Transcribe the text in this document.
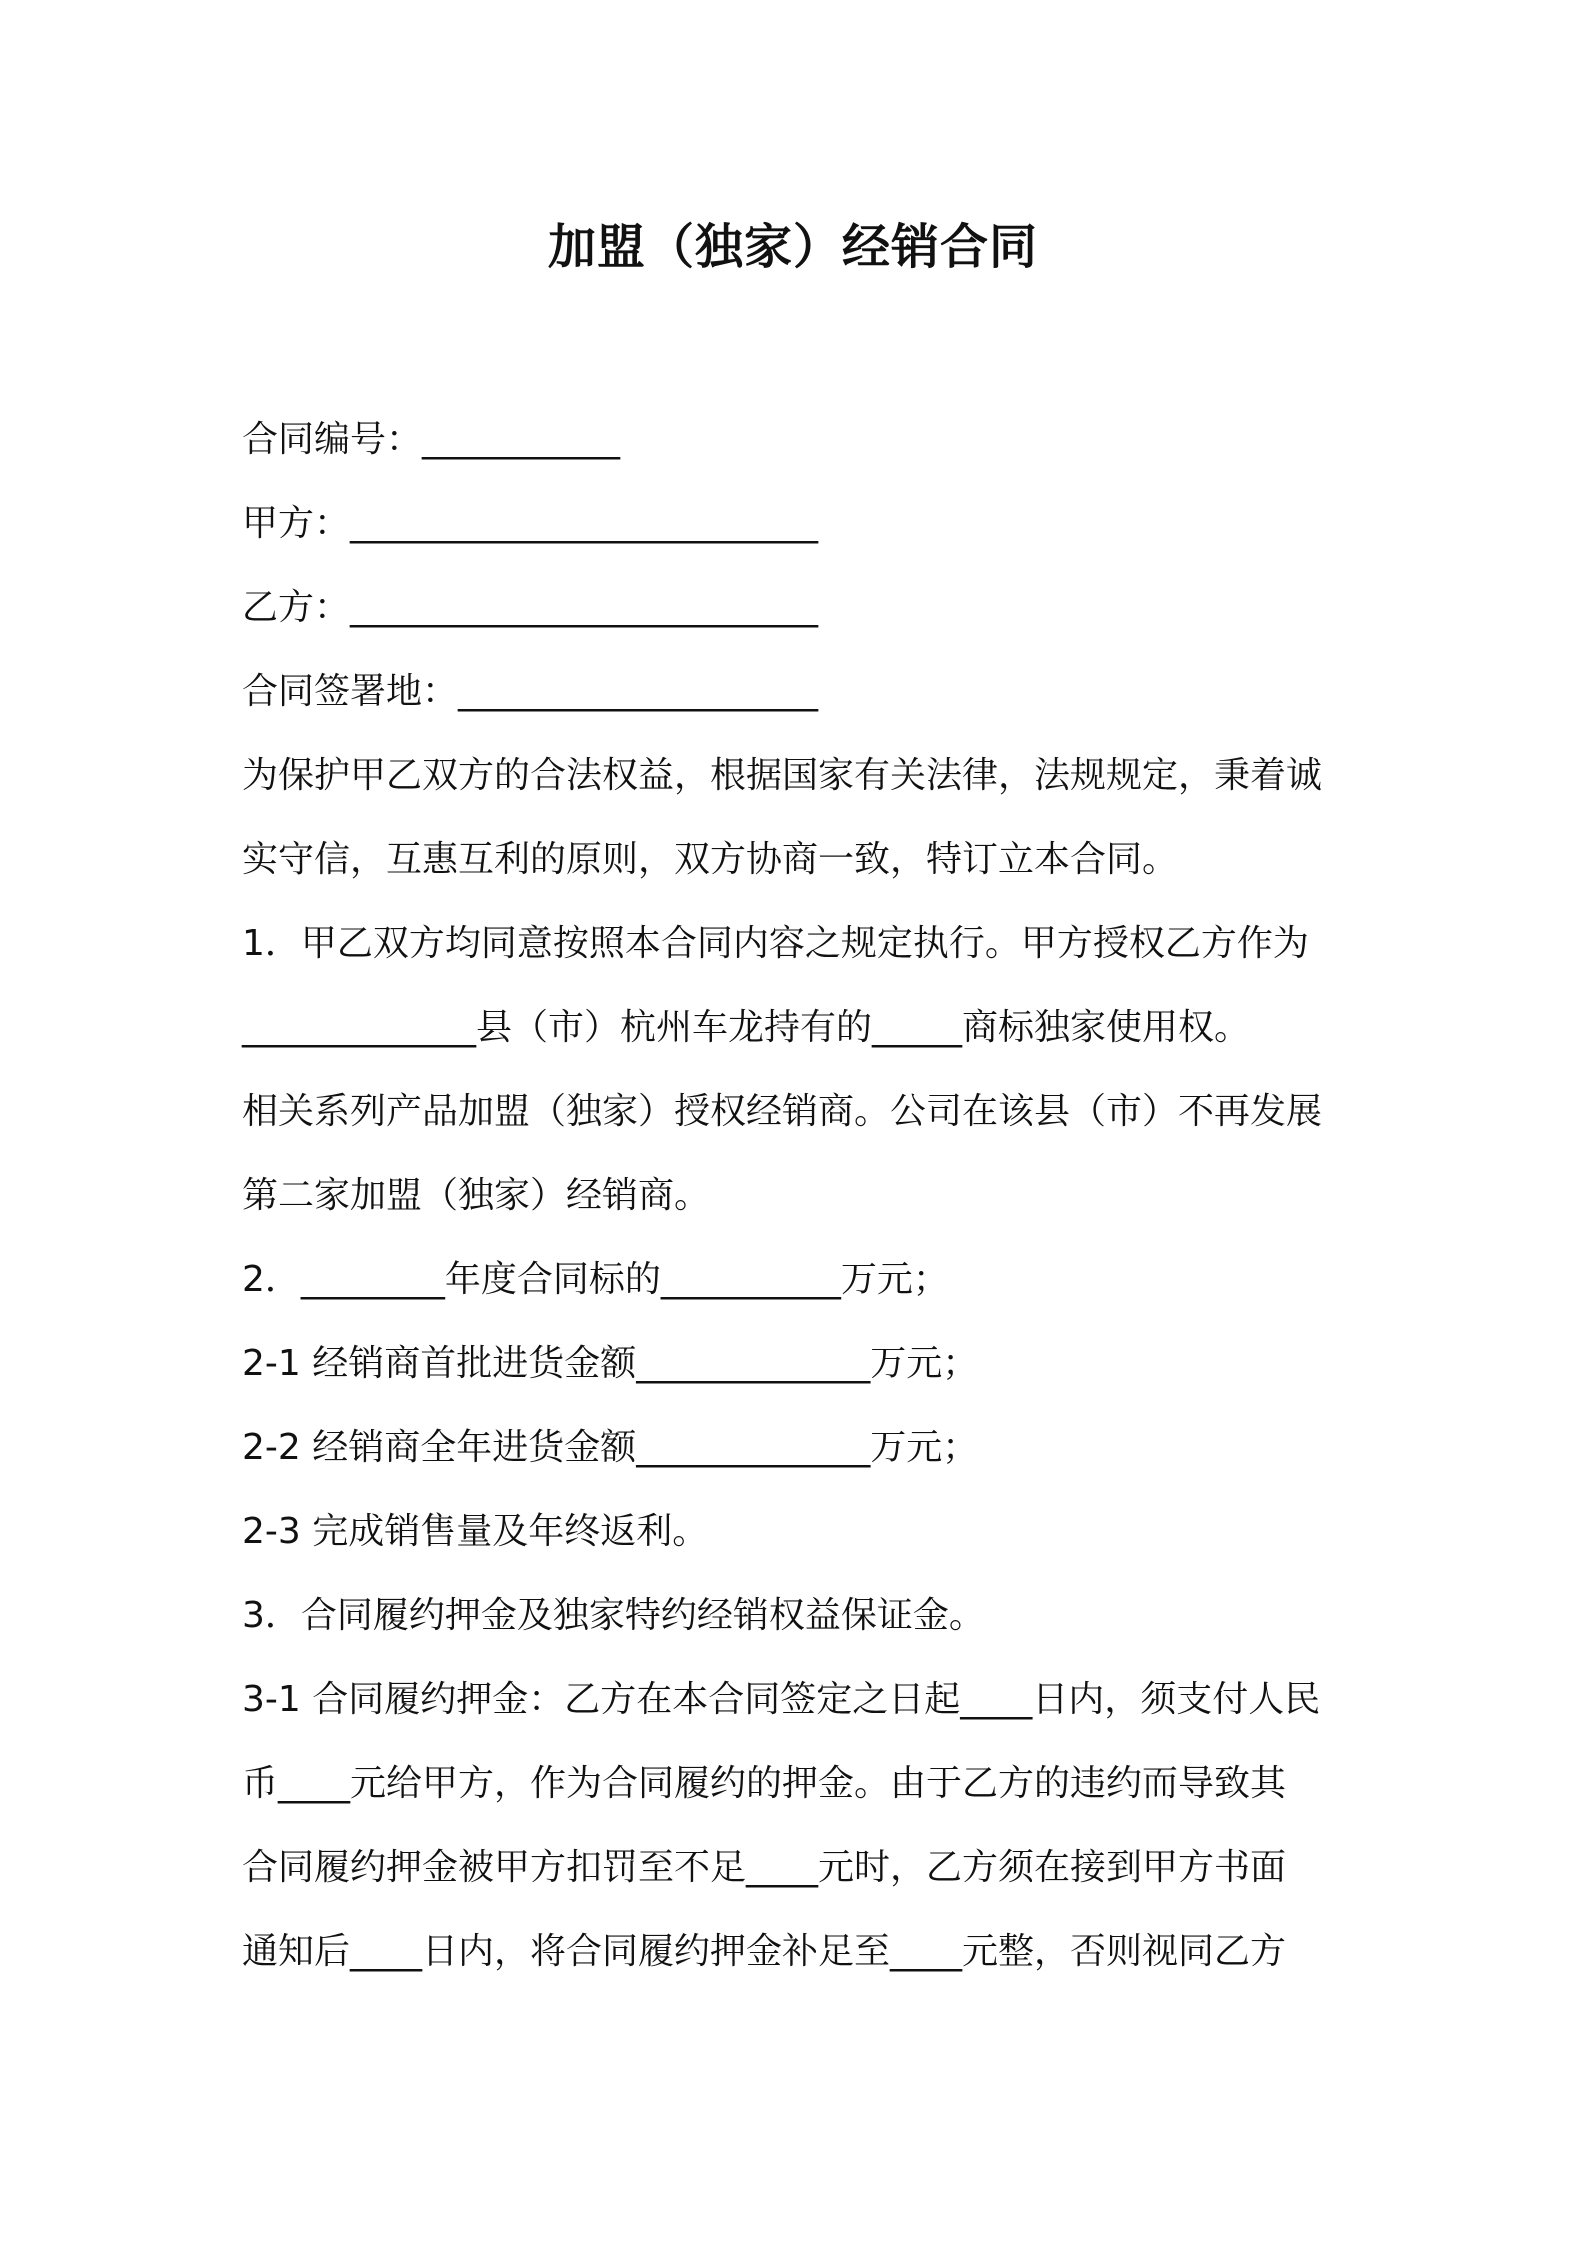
加盟（独家）经销合同
合同编号：___________
甲方：__________________________
乙方：__________________________
合同签署地：____________________
为保护甲乙双方的合法权益，根据国家有关法律，法规规定，秉着诚
实守信，互惠互利的原则，双方协商一致，特订立本合同。
1．甲乙双方均同意按照本合同内容之规定执行。甲方授权乙方作为
_____________县（市）杭州车龙持有的_____商标独家使用权。
相关系列产品加盟（独家）授权经销商。公司在该县（市）不再发展
第二家加盟（独家）经销商。
2．________年度合同标的__________万元；
2-1 经销商首批进货金额_____________万元；
2-2 经销商全年进货金额_____________万元；
2-3 完成销售量及年终返利。
3．合同履约押金及独家特约经销权益保证金。
3-1 合同履约押金：乙方在本合同签定之日起____日内，须支付人民
币____元给甲方，作为合同履约的押金。由于乙方的违约而导致其
合同履约押金被甲方扣罚至不足____元时，乙方须在接到甲方书面
通知后____日内，将合同履约押金补足至____元整，否则视同乙方
